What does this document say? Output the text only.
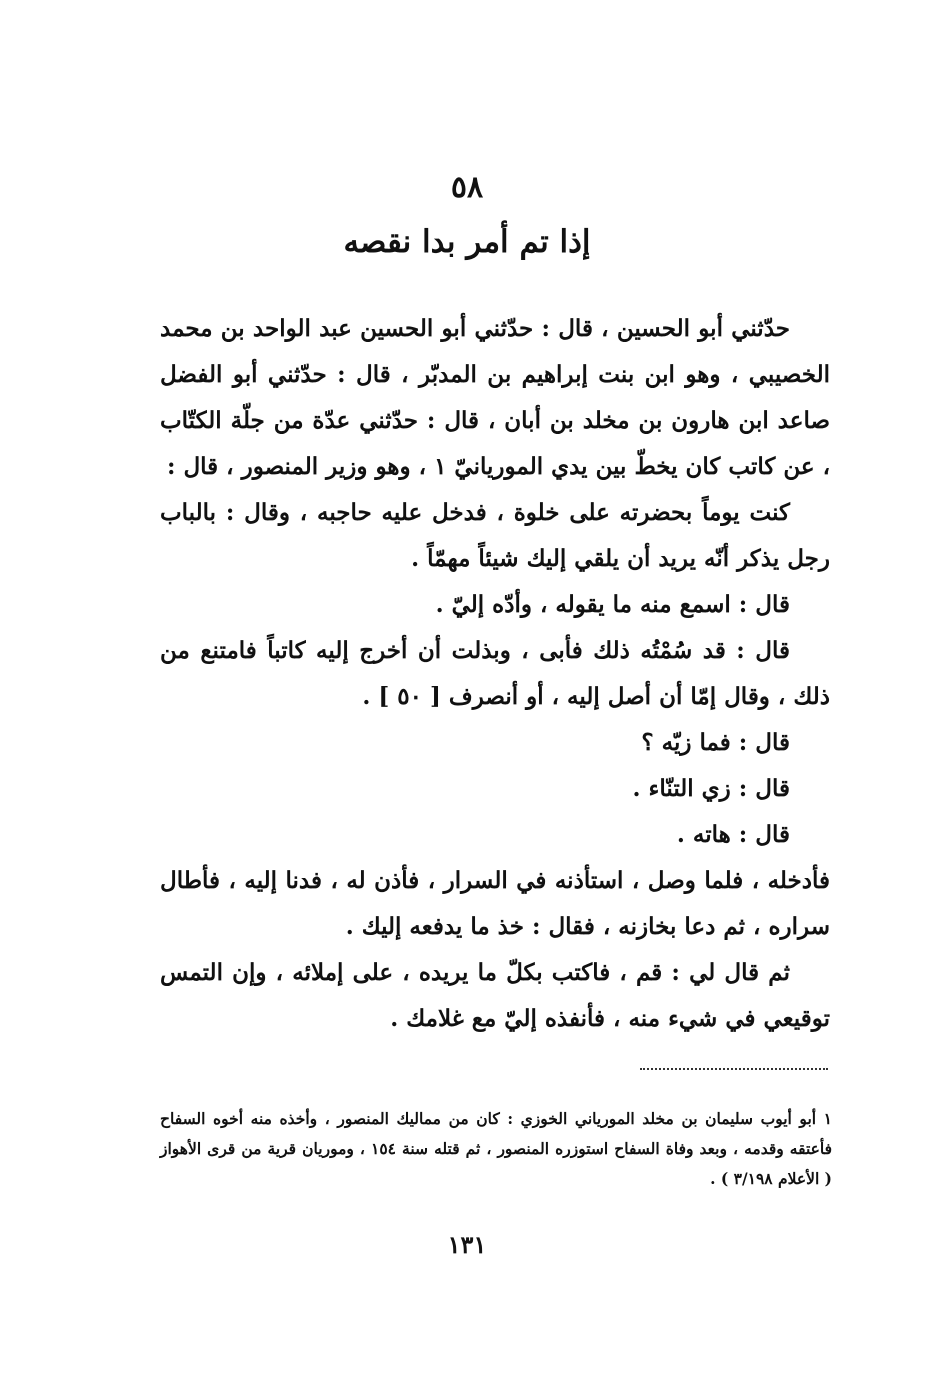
٥٨
إذا تم أمر بدا نقصه

حدّثني أبو الحسين ، قال : حدّثني أبو الحسين عبد الواحد بن محمد الخصيبي ، وهو ابن بنت إبراهيم بن المدبّر ، قال : حدّثني أبو الفضل صاعد ابن هارون بن مخلد بن أبان ، قال : حدّثني عدّة من جلّة الكتّاب ، عن كاتب كان يخطّ بين يدي الموريانيّ ١ ، وهو وزير المنصور ، قال :

كنت يوماً بحضرته على خلوة ، فدخل عليه حاجبه ، وقال : بالباب رجل يذكر أنّه يريد أن يلقي إليك شيئاً مهمّاً .

قال : اسمع منه ما يقوله ، وأدّه إليّ .

قال : قد سُمْتُه ذلك فأبى ، وبذلت أن أخرج إليه كاتباً فامتنع من ذلك ، وقال إمّا أن أصل إليه ، أو أنصرف [ ٥٠ ] .

قال : فما زيّه ؟

قال : زي التنّاء .

قال : هاته .

فأدخله ، فلما وصل ، استأذنه في السرار ، فأذن له ، فدنا إليه ، فأطال سراره ، ثم دعا بخازنه ، فقال : خذ ما يدفعه إليك .

ثم قال لي : قم ، فاكتب بكلّ ما يريده ، على إملائه ، وإن التمس توقيعي في شيء منه ، فأنفذه إليّ مع غلامك .

١ أبو أيوب سليمان بن مخلد المورياني الخوزي : كان من مماليك المنصور ، وأخذه منه أخوه السفاح فأعتقه وقدمه ، وبعد وفاة السفاح استوزره المنصور ، ثم قتله سنة ١٥٤ ، وموريان قرية من قرى الأهواز ( الأعلام ٣/١٩٨ ) .
١٣١
